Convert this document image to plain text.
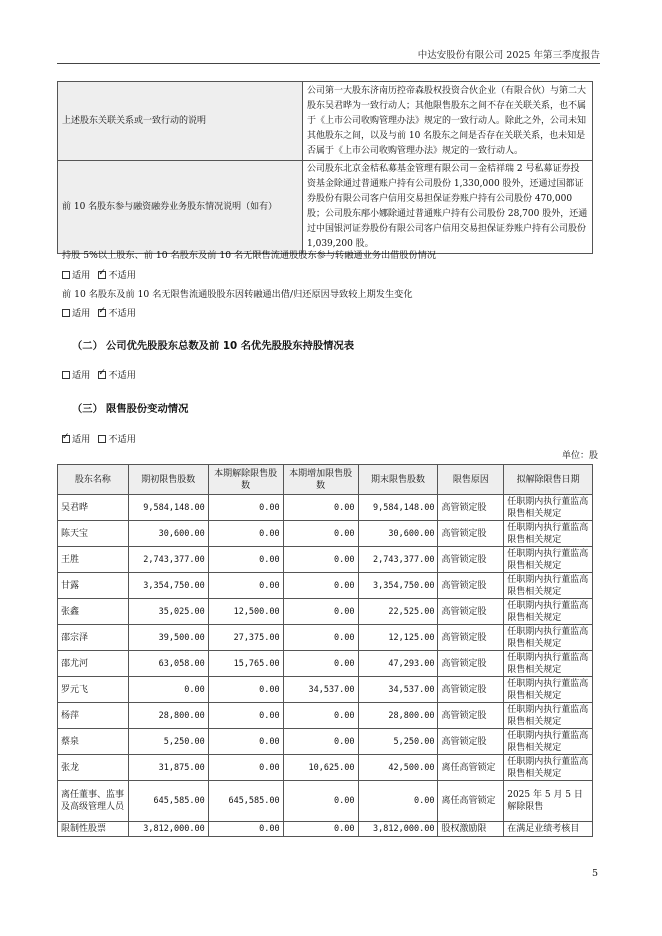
中达安股份有限公司 2025 年第三季度报告
上述股东关联关系或一致行动的说明	公司第一大股东济南历控帝森股权投资合伙企业（有限合伙）与第二大股东吴君晔为一致行动人；其他限售股东之间不存在关联关系，也不属于《上市公司收购管理办法》规定的一致行动人。除此之外，公司未知其他股东之间，以及与前 10 名股东之间是否存在关联关系，也未知是否属于《上市公司收购管理办法》规定的一致行动人。
前 10 名股东参与融资融券业务股东情况说明（如有）	公司股东北京金桔私募基金管理有限公司－金桔祥瑞 2 号私募证券投资基金除通过普通账户持有公司股份 1,330,000 股外，还通过国都证券股份有限公司客户信用交易担保证券账户持有公司股份 470,000 股；公司股东邴小娜除通过普通账户持有公司股份 28,700 股外，还通过中国银河证券股份有限公司客户信用交易担保证券账户持有公司股份 1,039,200 股。
持股 5%以上股东、前 10 名股东及前 10 名无限售流通股股东参与转融通业务出借股份情况
适用 ✓ 不适用
前 10 名股东及前 10 名无限售流通股股东因转融通出借/归还原因导致较上期发生变化
适用 ✓ 不适用
（二） 公司优先股股东总数及前 10 名优先股股东持股情况表
适用 ✓ 不适用
（三） 限售股份变动情况
✓适用 不适用
单位：股
股东名称	期初限售股数	本期解除限售股数	本期增加限售股数	期末限售股数	限售原因	拟解除限售日期
吴君晔	9,584,148.00	0.00	0.00	9,584,148.00	高管锁定股	任职期内执行董监高限售相关规定
陈天宝	30,600.00	0.00	0.00	30,600.00	高管锁定股	任职期内执行董监高限售相关规定
王胜	2,743,377.00	0.00	0.00	2,743,377.00	高管锁定股	任职期内执行董监高限售相关规定
甘露	3,354,750.00	0.00	0.00	3,354,750.00	高管锁定股	任职期内执行董监高限售相关规定
张鑫	35,025.00	12,500.00	0.00	22,525.00	高管锁定股	任职期内执行董监高限售相关规定
邵宗泽	39,500.00	27,375.00	0.00	12,125.00	高管锁定股	任职期内执行董监高限售相关规定
邵尤河	63,058.00	15,765.00	0.00	47,293.00	高管锁定股	任职期内执行董监高限售相关规定
罗元飞	0.00	0.00	34,537.00	34,537.00	高管锁定股	任职期内执行董监高限售相关规定
杨萍	28,800.00	0.00	0.00	28,800.00	高管锁定股	任职期内执行董监高限售相关规定
蔡泉	5,250.00	0.00	0.00	5,250.00	高管锁定股	任职期内执行董监高限售相关规定
张龙	31,875.00	0.00	10,625.00	42,500.00	离任高管锁定	任职期内执行董监高限售相关规定
离任董事、监事及高级管理人员	645,585.00	645,585.00	0.00	0.00	离任高管锁定	2025 年 5 月 5 日解除限售
限制性股票	3,812,000.00	0.00	0.00	3,812,000.00	股权激励限	在满足业绩考核目
5
